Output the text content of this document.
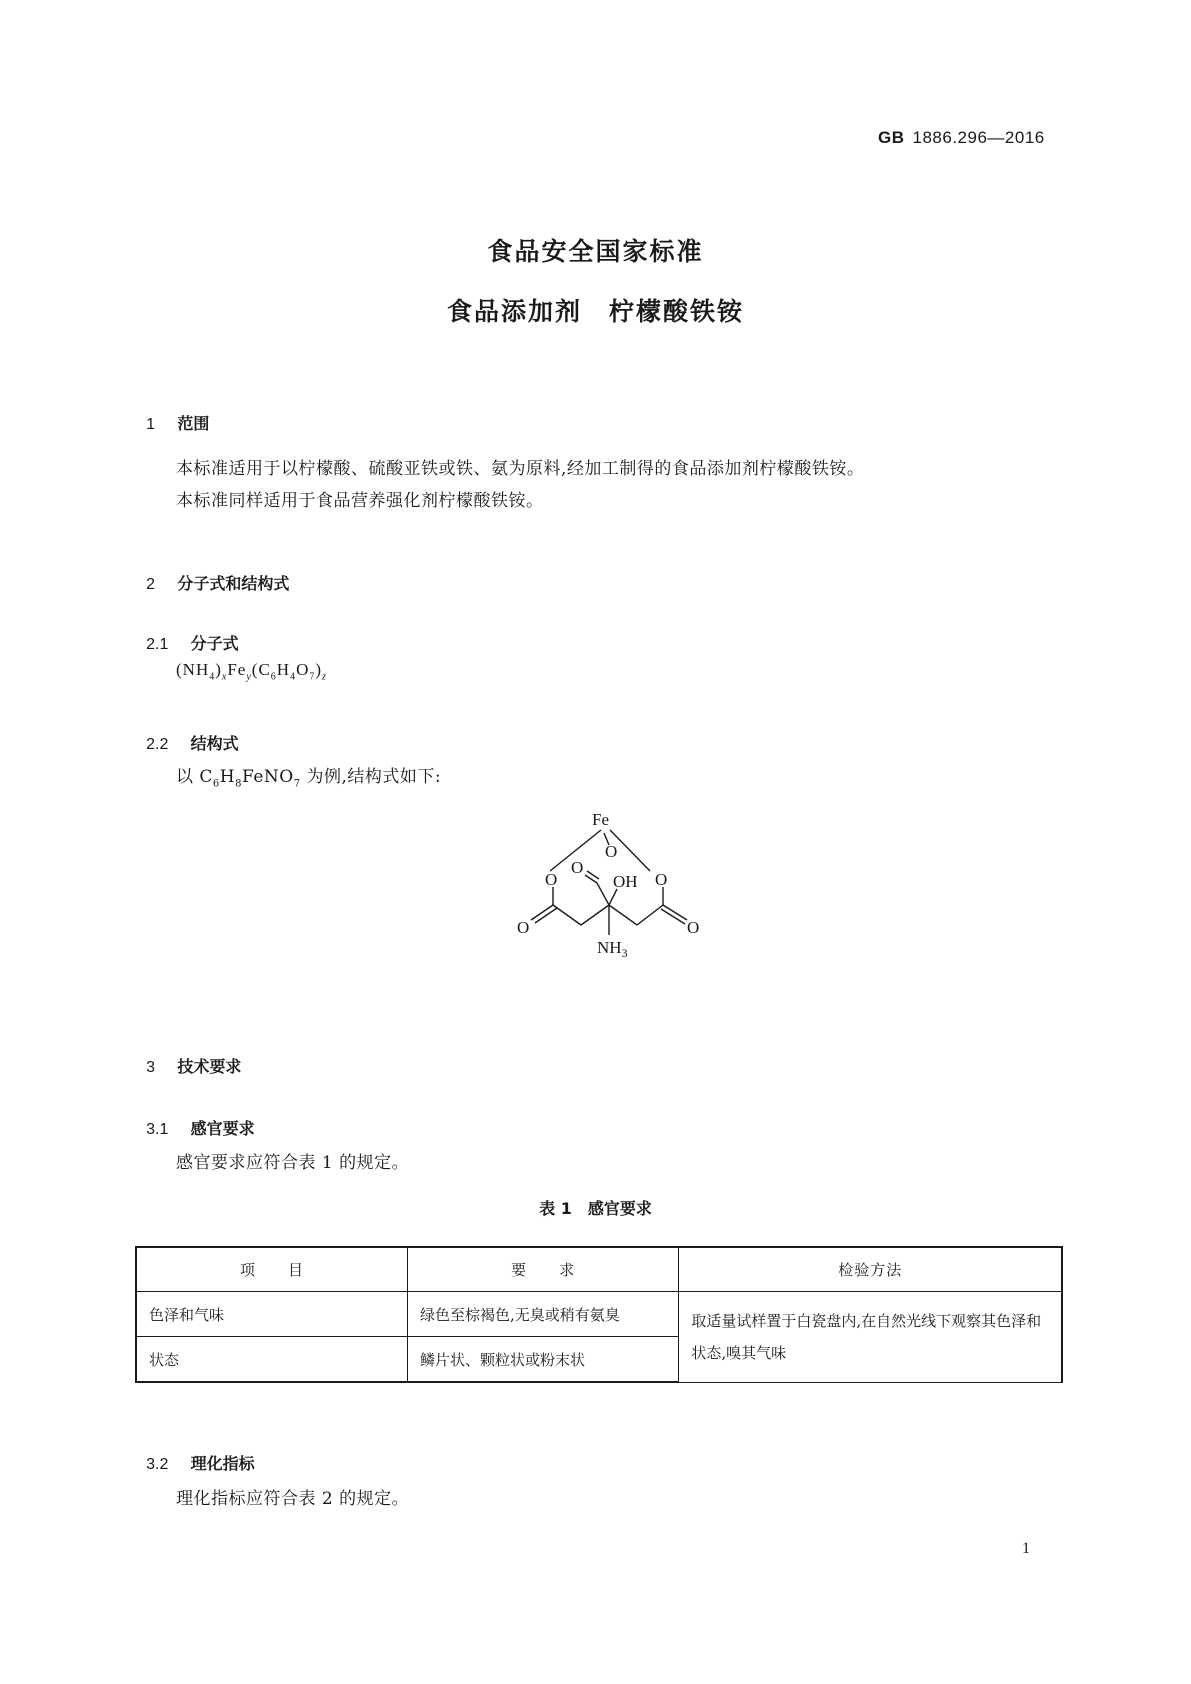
GB 1886.296—2016
食品安全国家标准
食品添加剂　柠檬酸铁铵

1 范围

本标准适用于以柠檬酸、硫酸亚铁或铁、氨为原料,经加工制得的食品添加剂柠檬酸铁铵。
本标准同样适用于食品营养强化剂柠檬酸铁铵。

2 分子式和结构式

2.1 分子式

$(NH_4)_xFe_y(C_6H_4O_7)_z$

2.2 结构式

以 $C_6H_8FeNO_7$ 为例,结构式如下:
Fe
O
O
O
OH O
O	O
$NH_3$

3 技术要求

3.1 感官要求

感官要求应符合表 1 的规定。
表 1　感官要求
项　　目	要　　求	检验方法
色泽和气味	绿色至棕褐色,无臭或稍有氨臭	取适量试样置于白瓷盘内,在自然光线下观察其色泽和状态,嗅其气味
状态	鳞片状、颗粒状或粉末状	

3.2 理化指标

理化指标应符合表 2 的规定。
1
